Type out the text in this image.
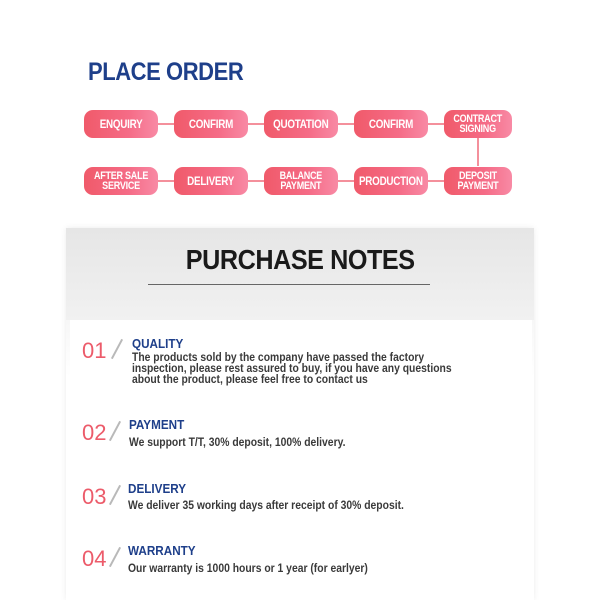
PLACE ORDER
ENQUIRY	CONFIRM	QUOTATION	CONFIRM	CONTRACT
SIGNING
AFTER SALE
SERVICE	DELIVERY	BALANCE
PAYMENT	PRODUCTION	DEPOSIT
PAYMENT
PURCHASE NOTES
01 QUALITY
The products sold by the company have passed the factory
inspection, please rest assured to buy, if you have any questions
about the product, please feel free to contact us
02 PAYMENT
We support T/T, 30% deposit, 100% delivery.
03 DELIVERY
We deliver 35 working days after receipt of 30% deposit.
04 WARRANTY
Our warranty is 1000 hours or 1 year (for earlyer)
